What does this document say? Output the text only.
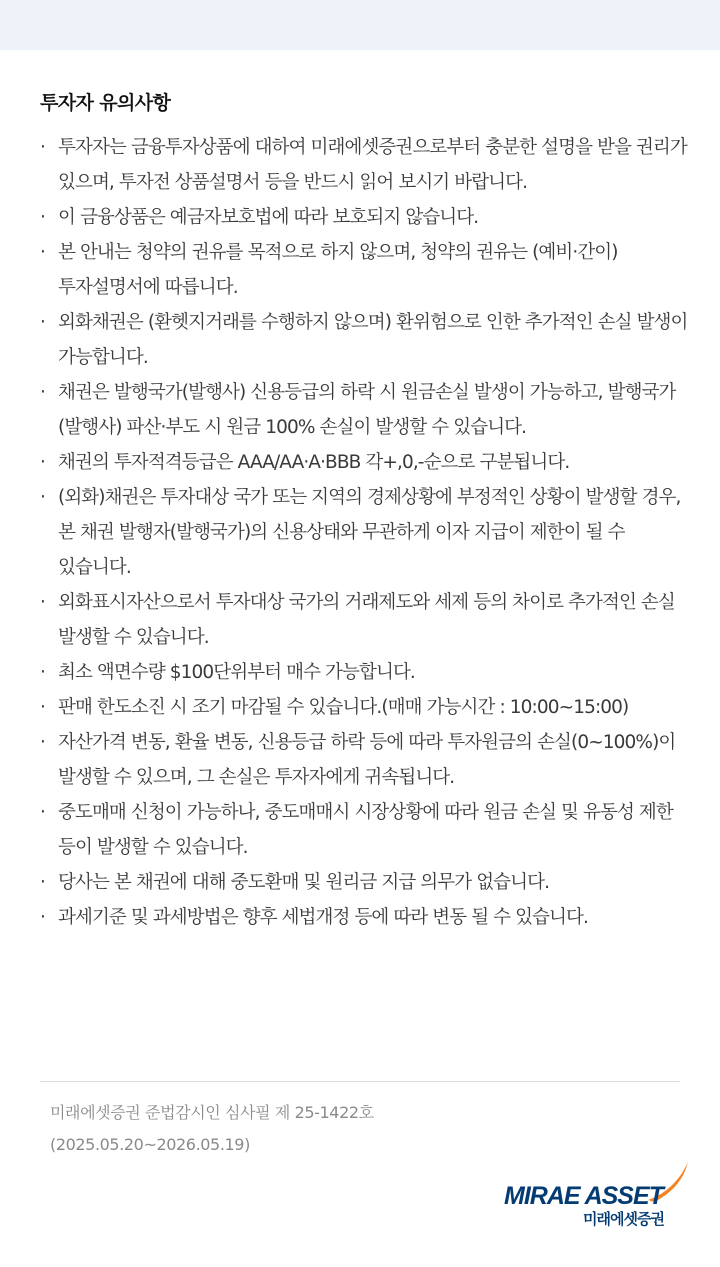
투자자 유의사항
· 투자자는 금융투자상품에 대하여 미래에셋증권으로부터 충분한 설명을 받을 권리가 있으며, 투자전 상품설명서 등을 반드시 읽어 보시기 바랍니다.
· 이 금융상품은 예금자보호법에 따라 보호되지 않습니다.
· 본 안내는 청약의 권유를 목적으로 하지 않으며, 청약의 권유는 (예비·간이)투자설명서에 따릅니다.
· 외화채권은 (환헷지거래를 수행하지 않으며) 환위험으로 인한 추가적인 손실 발생이 가능합니다.
· 채권은 발행국가(발행사) 신용등급의 하락 시 원금손실 발생이 가능하고, 발행국가(발행사) 파산·부도 시 원금 100% 손실이 발생할 수 있습니다.
· 채권의 투자적격등급은 AAA/AA·A·BBB 각+,0,-순으로 구분됩니다.
· (외화)채권은 투자대상 국가 또는 지역의 경제상황에 부정적인 상황이 발생할 경우, 본 채권 발행자(발행국가)의 신용상태와 무관하게 이자 지급이 제한이 될 수 있습니다.
· 외화표시자산으로서 투자대상 국가의 거래제도와 세제 등의 차이로 추가적인 손실 발생할 수 있습니다.
· 최소 액면수량 $100단위부터 매수 가능합니다.
· 판매 한도소진 시 조기 마감될 수 있습니다.(매매 가능시간 : 10:00~15:00)
· 자산가격 변동, 환율 변동, 신용등급 하락 등에 따라 투자원금의 손실(0~100%)이 발생할 수 있으며, 그 손실은 투자자에게 귀속됩니다.
· 중도매매 신청이 가능하나, 중도매매시 시장상황에 따라 원금 손실 및 유동성 제한 등이 발생할 수 있습니다.
· 당사는 본 채권에 대해 중도환매 및 원리금 지급 의무가 없습니다.
· 과세기준 및 과세방법은 향후 세법개정 등에 따라 변동 될 수 있습니다.
미래에셋증권 준법감시인 심사필 제 25-1422호
(2025.05.20~2026.05.19)
MIRAE ASSET
미래에셋증권
